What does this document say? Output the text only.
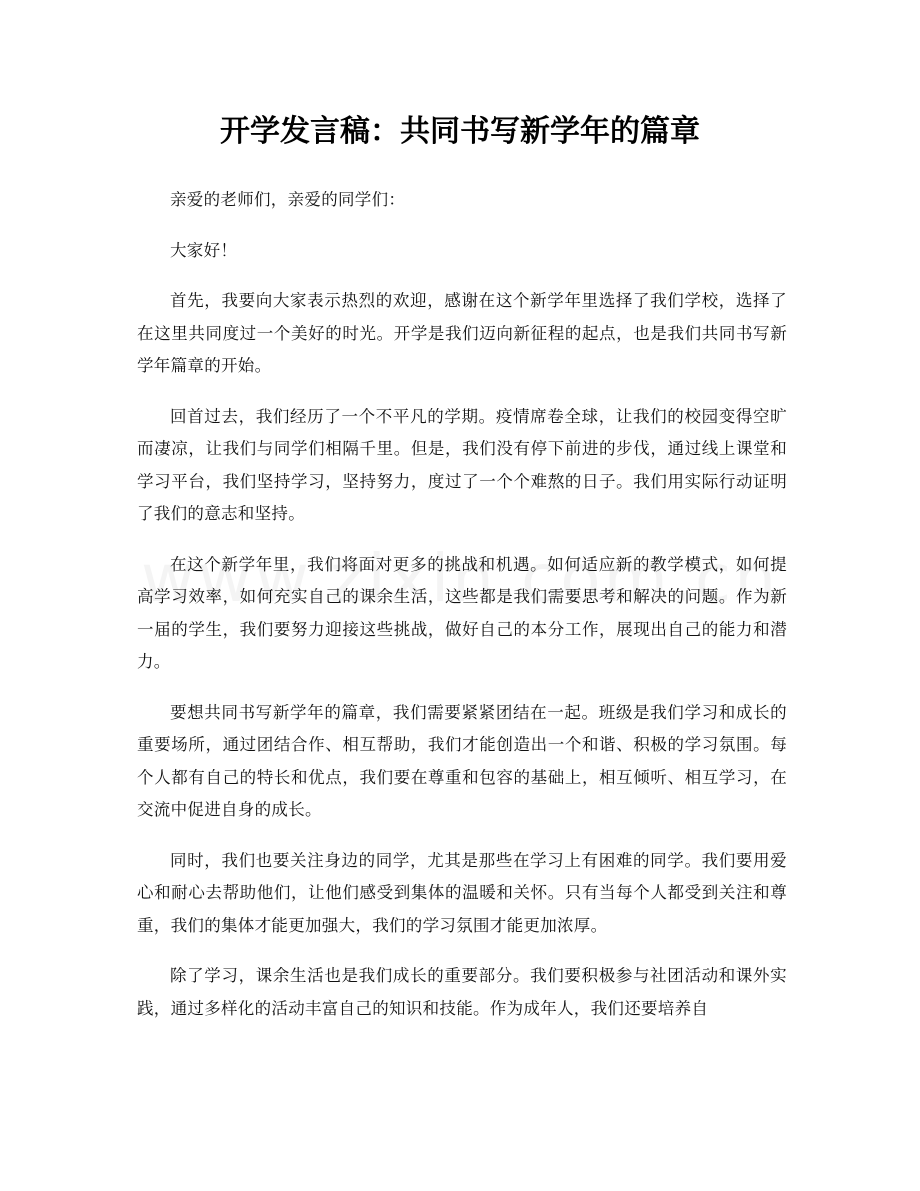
开学发言稿：共同书写新学年的篇章

亲爱的老师们，亲爱的同学们：

大家好！

首先，我要向大家表示热烈的欢迎，感谢在这个新学年里选择了我们学校，选择了在这里共同度过一个美好的时光。开学是我们迈向新征程的起点，也是我们共同书写新学年篇章的开始。

回首过去，我们经历了一个不平凡的学期。疫情席卷全球，让我们的校园变得空旷而凄凉，让我们与同学们相隔千里。但是，我们没有停下前进的步伐，通过线上课堂和学习平台，我们坚持学习，坚持努力，度过了一个个难熬的日子。我们用实际行动证明了我们的意志和坚持。

在这个新学年里，我们将面对更多的挑战和机遇。如何适应新的教学模式，如何提高学习效率，如何充实自己的课余生活，这些都是我们需要思考和解决的问题。作为新一届的学生，我们要努力迎接这些挑战，做好自己的本分工作，展现出自己的能力和潜力。

要想共同书写新学年的篇章，我们需要紧紧团结在一起。班级是我们学习和成长的重要场所，通过团结合作、相互帮助，我们才能创造出一个和谐、积极的学习氛围。每个人都有自己的特长和优点，我们要在尊重和包容的基础上，相互倾听、相互学习，在交流中促进自身的成长。

同时，我们也要关注身边的同学，尤其是那些在学习上有困难的同学。我们要用爱心和耐心去帮助他们，让他们感受到集体的温暖和关怀。只有当每个人都受到关注和尊重，我们的集体才能更加强大，我们的学习氛围才能更加浓厚。

除了学习，课余生活也是我们成长的重要部分。我们要积极参与社团活动和课外实践，通过多样化的活动丰富自己的知识和技能。作为成年人，我们还要培养自
